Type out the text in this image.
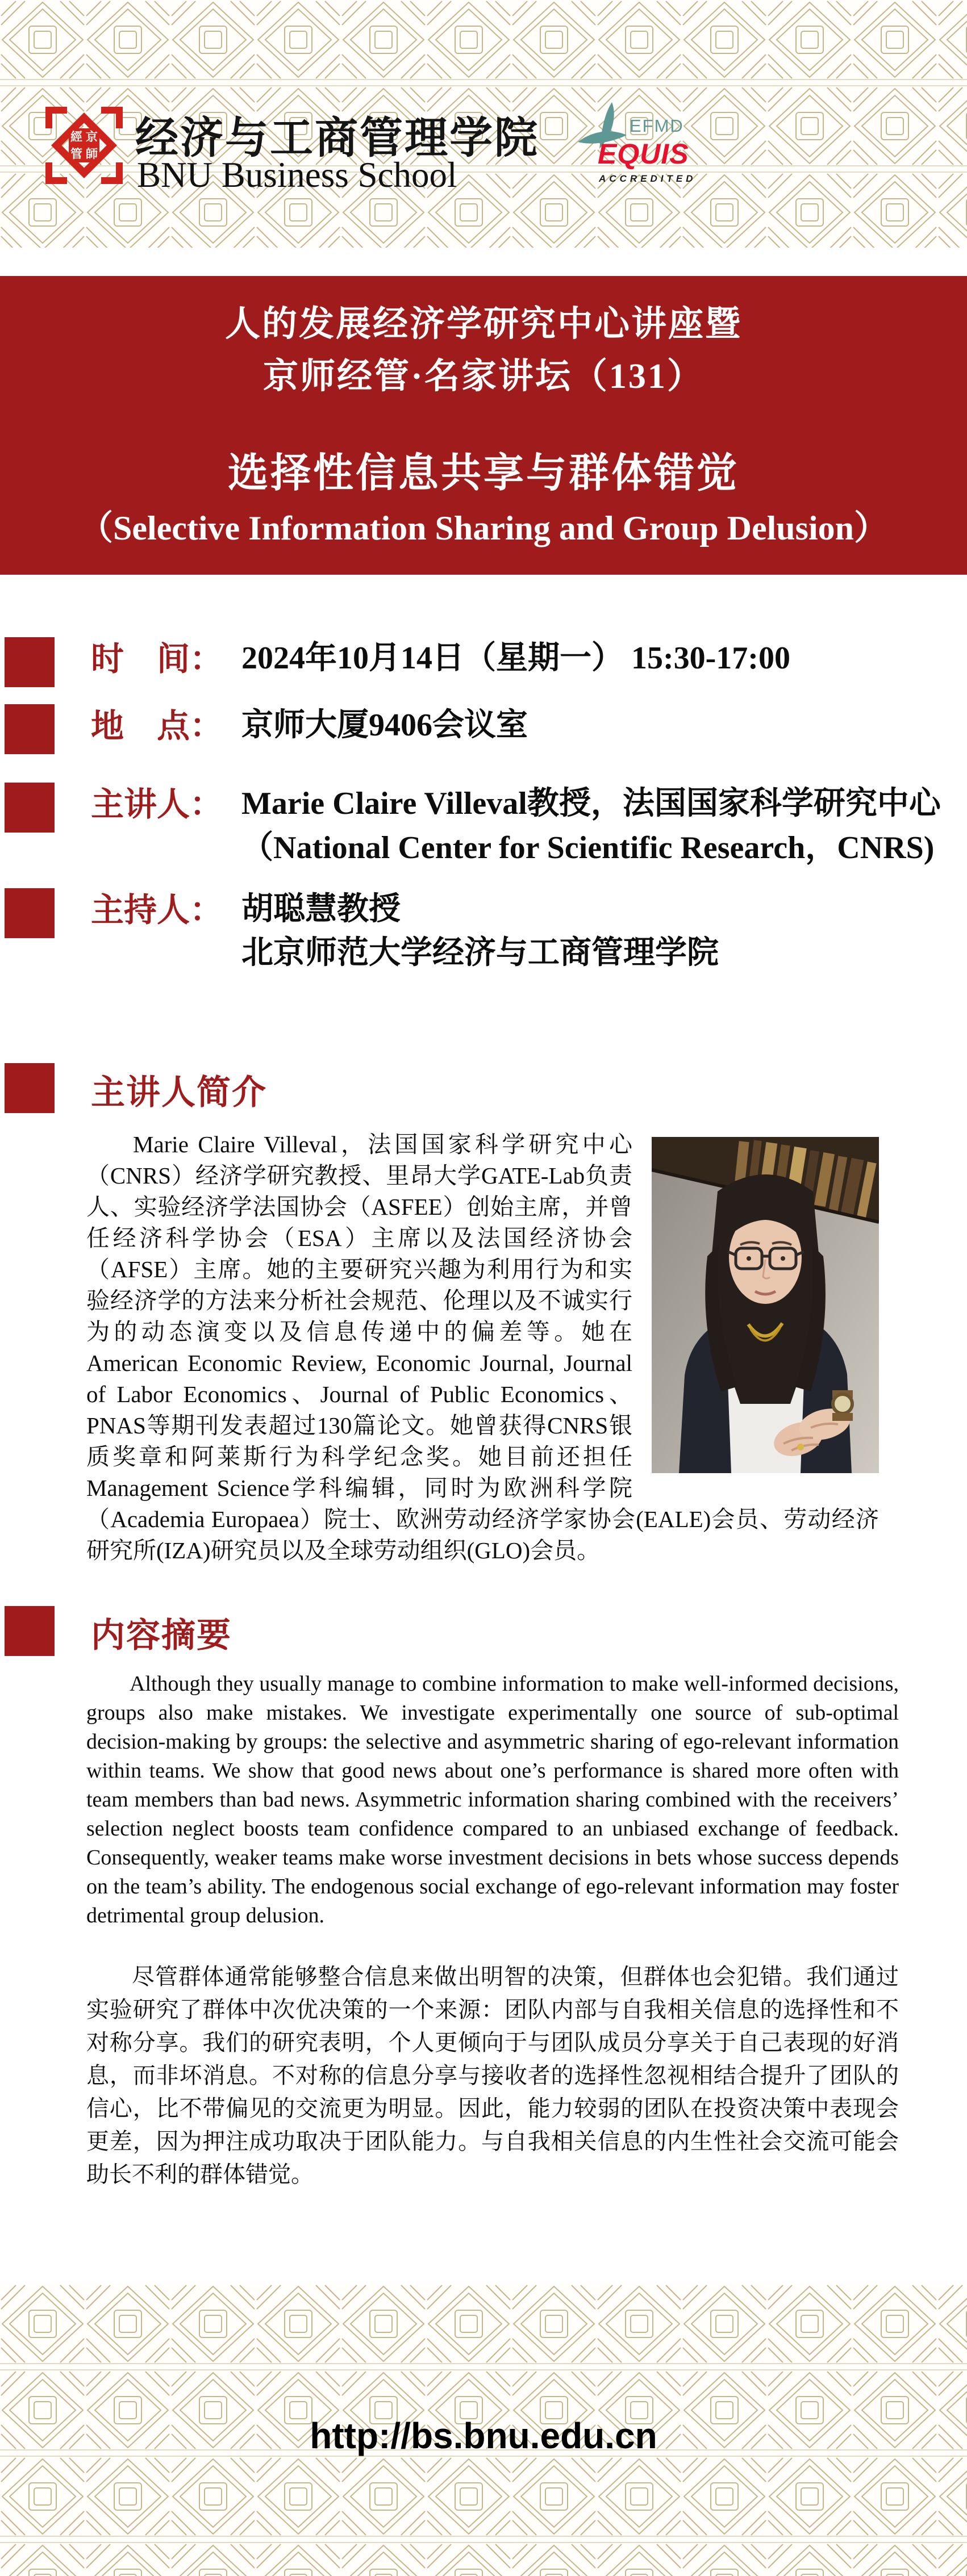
經 京
管 師 经济与工商管理学院
BNU Business School
EFMD
EQUIS
ACCREDITED
人的发展经济学研究中心讲座暨
京师经管·名家讲坛（131）
选择性信息共享与群体错觉
（Selective Information Sharing and Group Delusion）
时　间： 2024年10月14日（星期一） 15:30-17:00
地　点： 京师大厦9406会议室
主讲人： Marie Claire Villeval教授，法国国家科学研究中心
（National Center for Scientific Research，CNRS)
主持人： 胡聪慧教授
北京师范大学经济与工商管理学院
主讲人简介

Marie Claire Villeval，法国国家科学研究中心（CNRS）经济学研究教授、里昂大学GATE-Lab负责人、实验经济学法国协会（ASFEE）创始主席，并曾任经济科学协会（ESA）主席以及法国经济协会（AFSE）主席。她的主要研究兴趣为利用行为和实验经济学的方法来分析社会规范、伦理以及不诚实行为的动态演变以及信息传递中的偏差等。她在American Economic Review, Economic Journal, Journal of Labor Economics、Journal of Public Economics、PNAS等期刊发表超过130篇论文。她曾获得CNRS银质奖章和阿莱斯行为科学纪念奖。她目前还担任Management Science学科编辑，同时为欧洲科学院（Academia Europaea）院士、欧洲劳动经济学家协会(EALE)会员、劳动经济研究所(IZA)研究员以及全球劳动组织(GLO)会员。

内容摘要

Although they usually manage to combine information to make well-informed decisions, groups also make mistakes. We investigate experimentally one source of sub-optimal decision-making by groups: the selective and asymmetric sharing of ego-relevant information within teams. We show that good news about one’s performance is shared more often with team members than bad news. Asymmetric information sharing combined with the receivers’ selection neglect boosts team confidence compared to an unbiased exchange of feedback. Consequently, weaker teams make worse investment decisions in bets whose success depends on the team’s ability. The endogenous social exchange of ego-relevant information may foster detrimental group delusion.

尽管群体通常能够整合信息来做出明智的决策，但群体也会犯错。我们通过实验研究了群体中次优决策的一个来源：团队内部与自我相关信息的选择性和不对称分享。我们的研究表明，个人更倾向于与团队成员分享关于自己表现的好消息，而非坏消息。不对称的信息分享与接收者的选择性忽视相结合提升了团队的信心，比不带偏见的交流更为明显。因此，能力较弱的团队在投资决策中表现会更差，因为押注成功取决于团队能力。与自我相关信息的内生性社会交流可能会助长不利的群体错觉。

http://bs.bnu.edu.cn
